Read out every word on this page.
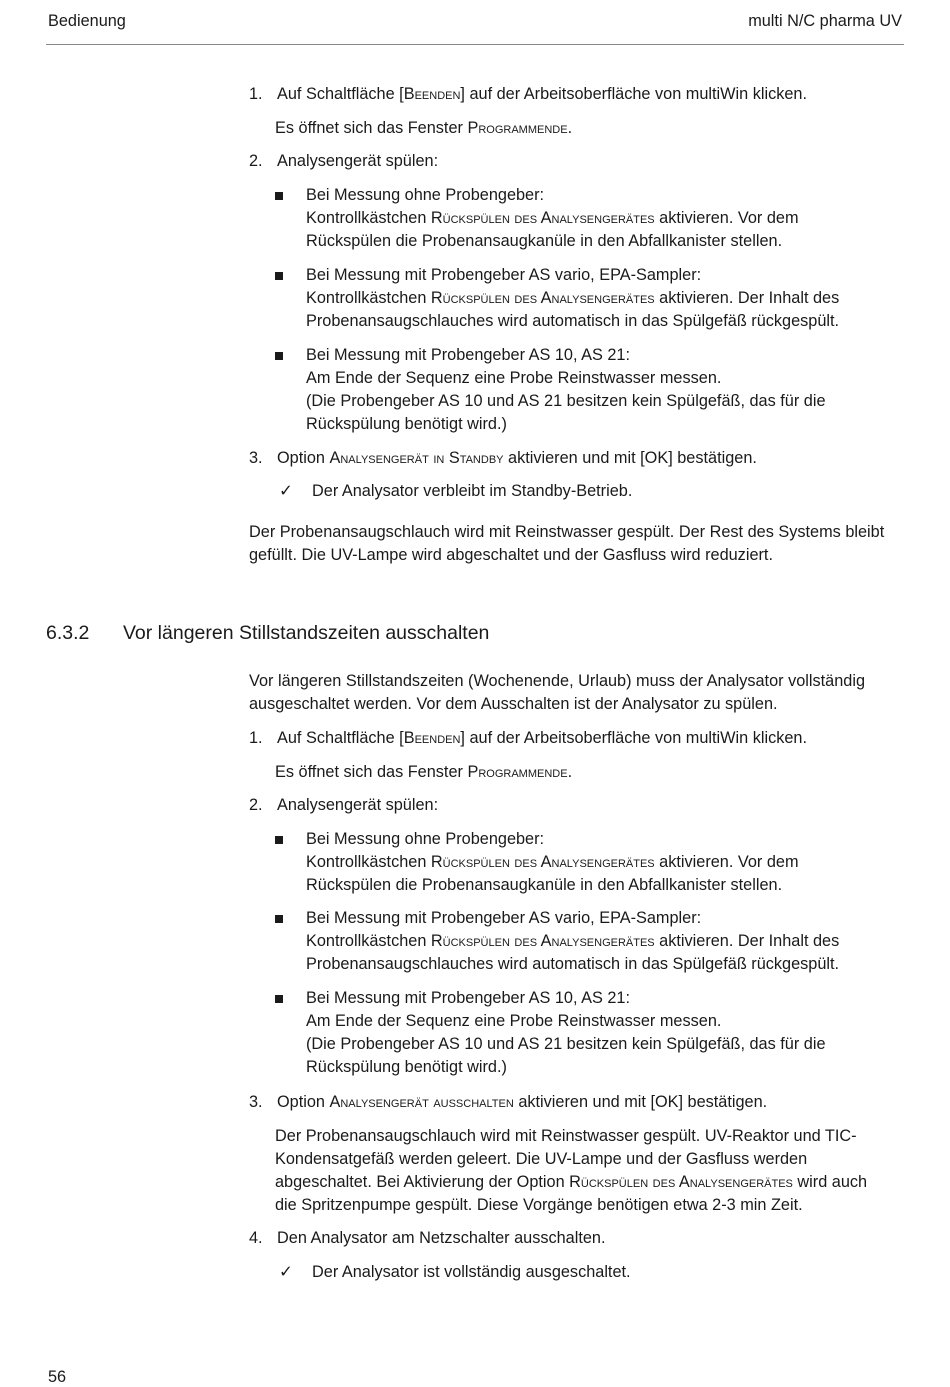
Bedienung	multi N/C pharma UV
1. Auf Schaltfläche [Beenden] auf der Arbeitsoberfläche von multiWin klicken.
Es öffnet sich das Fenster Programmende.
2. Analysengerät spülen:
Bei Messung ohne Probengeber:
Kontrollkästchen Rückspülen des Analysengerätes aktivieren. Vor dem
Rückspülen die Probenansaugkanüle in den Abfallkanister stellen.
Bei Messung mit Probengeber AS vario, EPA-Sampler:
Kontrollkästchen Rückspülen des Analysengerätes aktivieren. Der Inhalt des
Probenansaugschlauches wird automatisch in das Spülgefäß rückgespült.
Bei Messung mit Probengeber AS 10, AS 21:
Am Ende der Sequenz eine Probe Reinstwasser messen.
(Die Probengeber AS 10 und AS 21 besitzen kein Spülgefäß, das für die
Rückspülung benötigt wird.)
3. Option Analysengerät in Standby aktivieren und mit [OK] bestätigen.
✓ Der Analysator verbleibt im Standby-Betrieb.
Der Probenansaugschlauch wird mit Reinstwasser gespült. Der Rest des Systems bleibt
gefüllt. Die UV-Lampe wird abgeschaltet und der Gasfluss wird reduziert.
6.3.2 Vor längeren Stillstandszeiten ausschalten
Vor längeren Stillstandszeiten (Wochenende, Urlaub) muss der Analysator vollständig
ausgeschaltet werden. Vor dem Ausschalten ist der Analysator zu spülen.
1. Auf Schaltfläche [Beenden] auf der Arbeitsoberfläche von multiWin klicken.
Es öffnet sich das Fenster Programmende.
2. Analysengerät spülen:
Bei Messung ohne Probengeber:
Kontrollkästchen Rückspülen des Analysengerätes aktivieren. Vor dem
Rückspülen die Probenansaugkanüle in den Abfallkanister stellen.
Bei Messung mit Probengeber AS vario, EPA-Sampler:
Kontrollkästchen Rückspülen des Analysengerätes aktivieren. Der Inhalt des
Probenansaugschlauches wird automatisch in das Spülgefäß rückgespült.
Bei Messung mit Probengeber AS 10, AS 21:
Am Ende der Sequenz eine Probe Reinstwasser messen.
(Die Probengeber AS 10 und AS 21 besitzen kein Spülgefäß, das für die
Rückspülung benötigt wird.)
3. Option Analysengerät ausschalten aktivieren und mit [OK] bestätigen.
Der Probenansaugschlauch wird mit Reinstwasser gespült. UV-Reaktor und TIC-
Kondensatgefäß werden geleert. Die UV-Lampe und der Gasfluss werden
abgeschaltet. Bei Aktivierung der Option Rückspülen des Analysengerätes wird auch
die Spritzenpumpe gespült. Diese Vorgänge benötigen etwa 2-3 min Zeit.
4. Den Analysator am Netzschalter ausschalten.
✓ Der Analysator ist vollständig ausgeschaltet.
56
